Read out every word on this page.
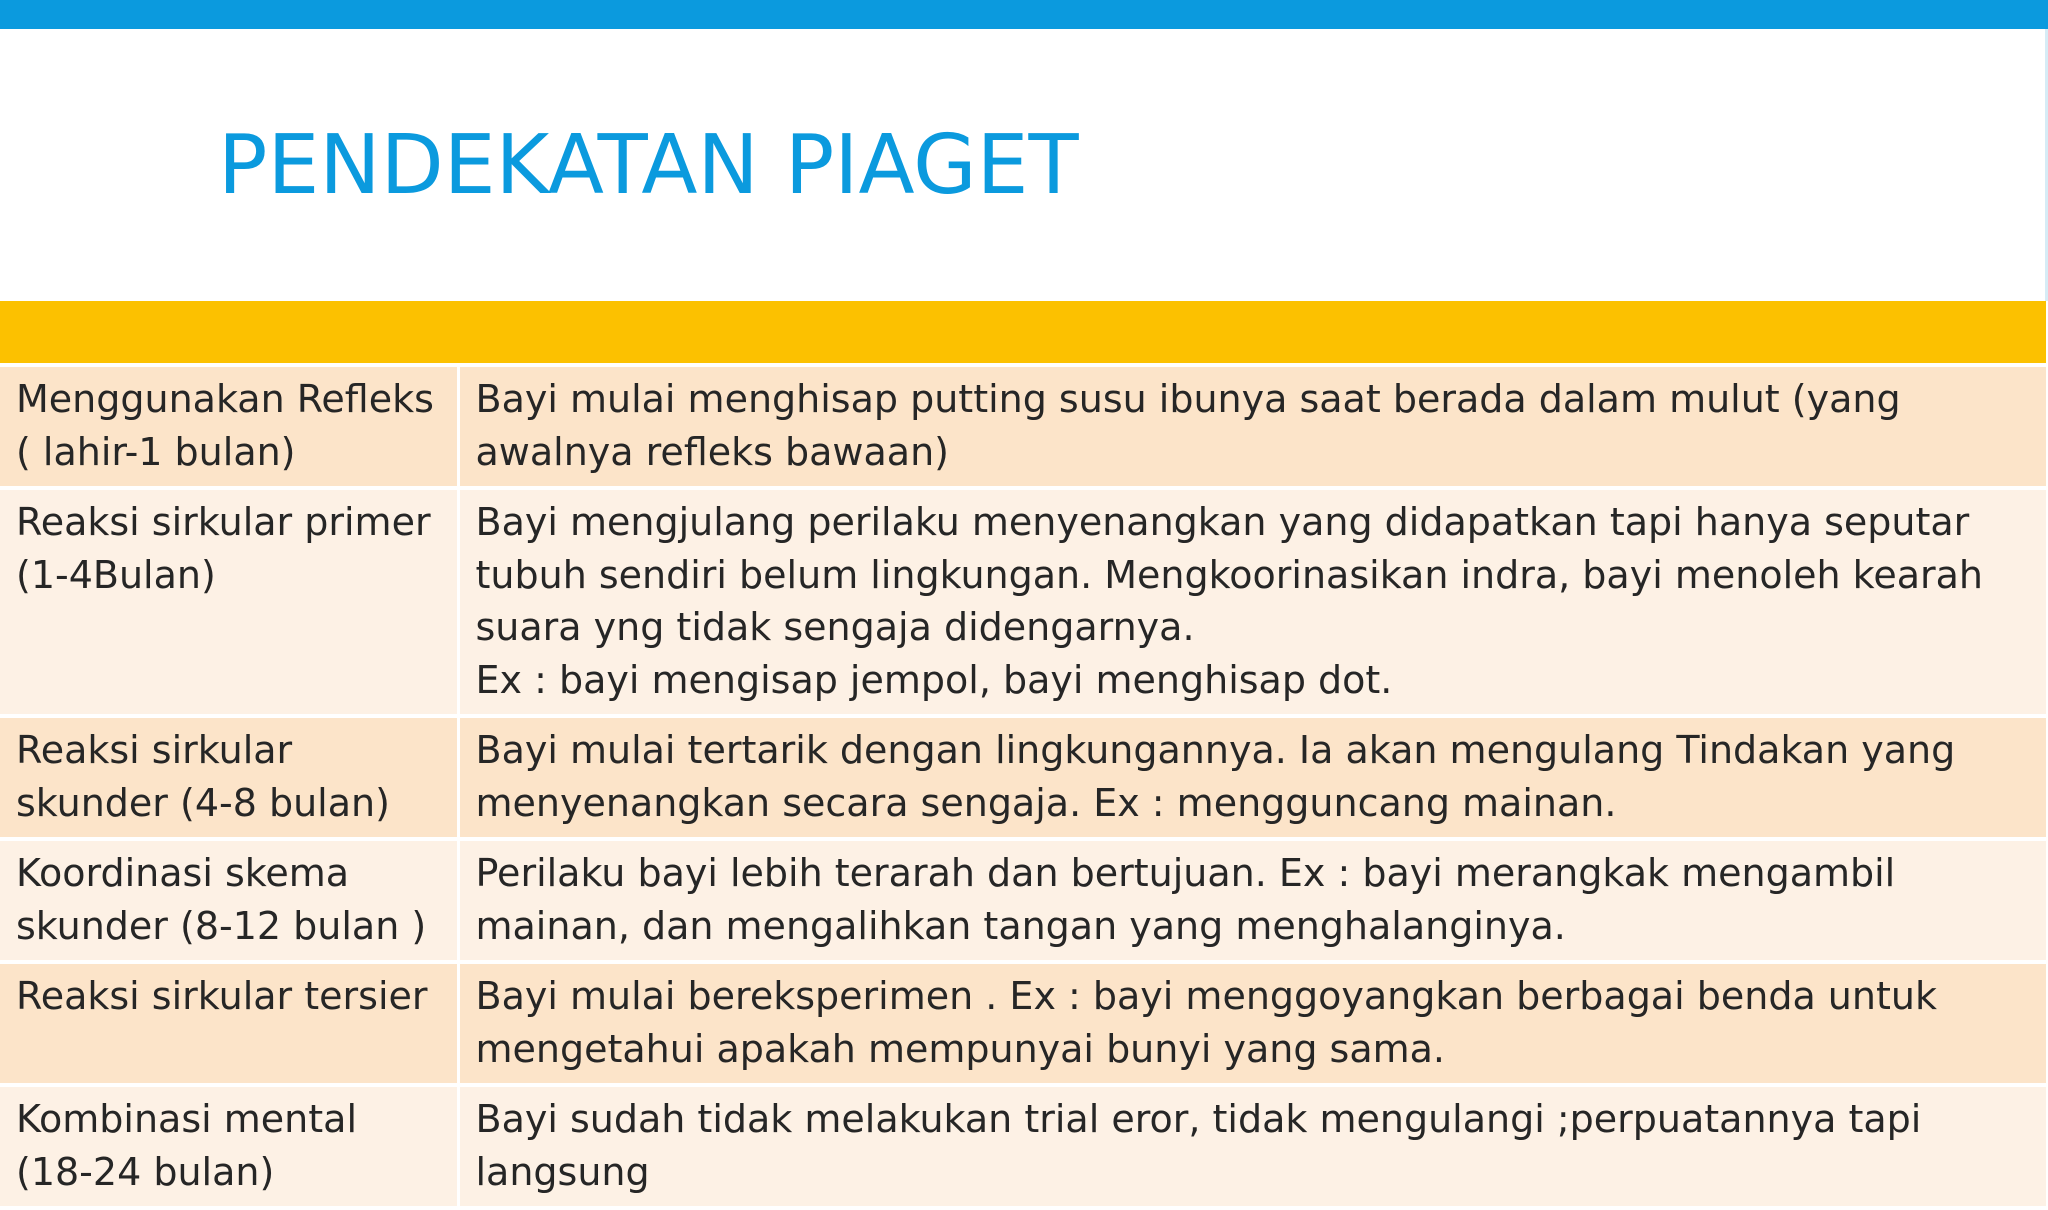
PENDEKATAN PIAGET
Menggunakan Refleks ( lahir-1 bulan)	Bayi mulai menghisap putting susu ibunya saat berada dalam mulut (yang awalnya refleks bawaan)
Reaksi sirkular primer (1-4Bulan)	Bayi mengjulang perilaku menyenangkan yang didapatkan tapi hanya seputar tubuh sendiri belum lingkungan. Mengkoorinasikan indra, bayi menoleh kearah suara yng tidak sengaja didengarnya.
Ex : bayi mengisap jempol, bayi menghisap dot.
Reaksi sirkular skunder (4-8 bulan)	Bayi mulai tertarik dengan lingkungannya. Ia akan mengulang Tindakan yang menyenangkan secara sengaja. Ex : mengguncang mainan.
Koordinasi skema skunder (8-12 bulan )	Perilaku bayi lebih terarah dan bertujuan. Ex : bayi merangkak mengambil mainan, dan mengalihkan tangan yang menghalanginya.
Reaksi sirkular tersier	Bayi mulai bereksperimen . Ex : bayi menggoyangkan berbagai benda untuk mengetahui apakah mempunyai bunyi yang sama.
Kombinasi mental (18-24 bulan)	Bayi sudah tidak melakukan trial eror, tidak mengulangi ;perpuatannya tapi langsung
